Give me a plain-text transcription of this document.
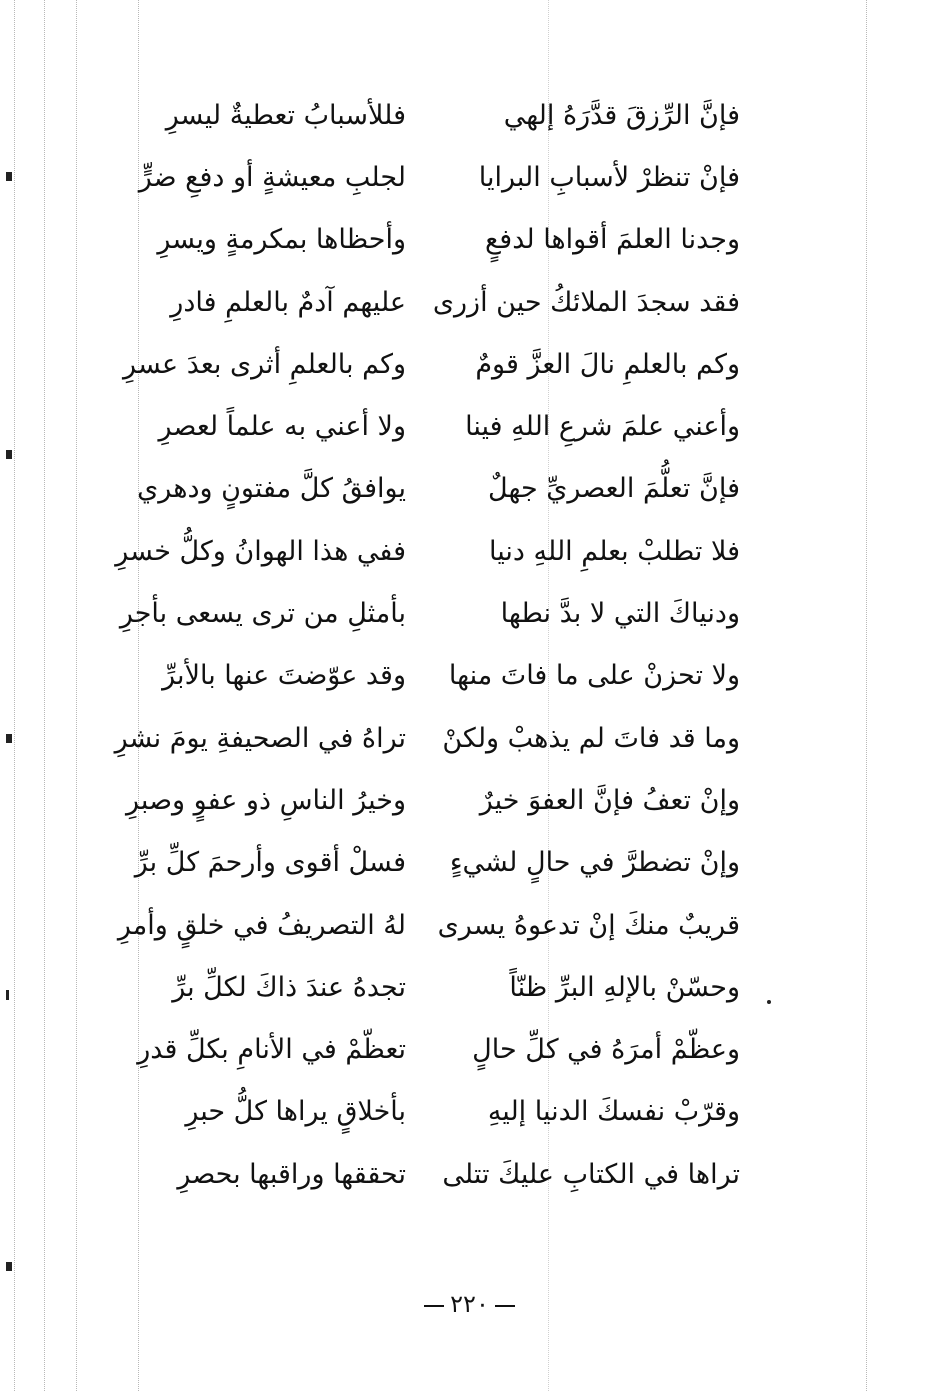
فإنَّ الرِّزقَ قدَّرَهُ إلهي
فللأسبابُ تعطيةٌ ليسرِ
فإنْ تنظرْ لأسبابِ البرايا
لجلبِ معيشةٍ أو دفعِ ضرٍّ
وجدنا العلمَ أقواها لدفعٍ
وأحظاها بمكرمةٍ ويسرِ
فقد سجدَ الملائكُ حين أزرى
عليهم آدمٌ بالعلمِ فادرِ
وكم بالعلمِ نالَ العزَّ قومٌ
وكم بالعلمِ أثرى بعدَ عسرِ
وأعني علمَ شرعِ اللهِ فينا
ولا أعني به علماً لعصرِ
فإنَّ تعلُّمَ العصريِّ جهلٌ
يوافقُ كلَّ مفتونٍ ودهري
فلا تطلبْ بعلمِ اللهِ دنيا
ففي هذا الهوانُ وكلُّ خسرِ
ودنياكَ التي لا بدَّ نطها
بأمثلِ من ترى يسعى بأجرِ
ولا تحزنْ على ما فاتَ منها
وقد عوّضتَ عنها بالأبرِّ
وما قد فاتَ لم يذهبْ ولكنْ
تراهُ في الصحيفةِ يومَ نشرِ
وإنْ تعفُ فإنَّ العفوَ خيرٌ
وخيرُ الناسِ ذو عفوٍ وصبرِ
وإنْ تضطرَّ في حالٍ لشيءٍ
فسلْ أقوى وأرحمَ كلِّ برِّ
قريبٌ منكَ إنْ تدعوهُ يسرى
لهُ التصريفُ في خلقٍ وأمرِ
وحسّنْ بالإلهِ البرِّ ظنّاً
تجدهُ عندَ ذاكَ لكلِّ برِّ
وعظّمْ أمرَهُ في كلِّ حالٍ
تعظّمْ في الأنامِ بكلِّ قدرِ
وقرّبْ نفسكَ الدنيا إليهِ
بأخلاقٍ يراها كلُّ حبرِ
تراها في الكتابِ عليكَ تتلى
تحققها وراقبها بحصرِ
٢٢٠
